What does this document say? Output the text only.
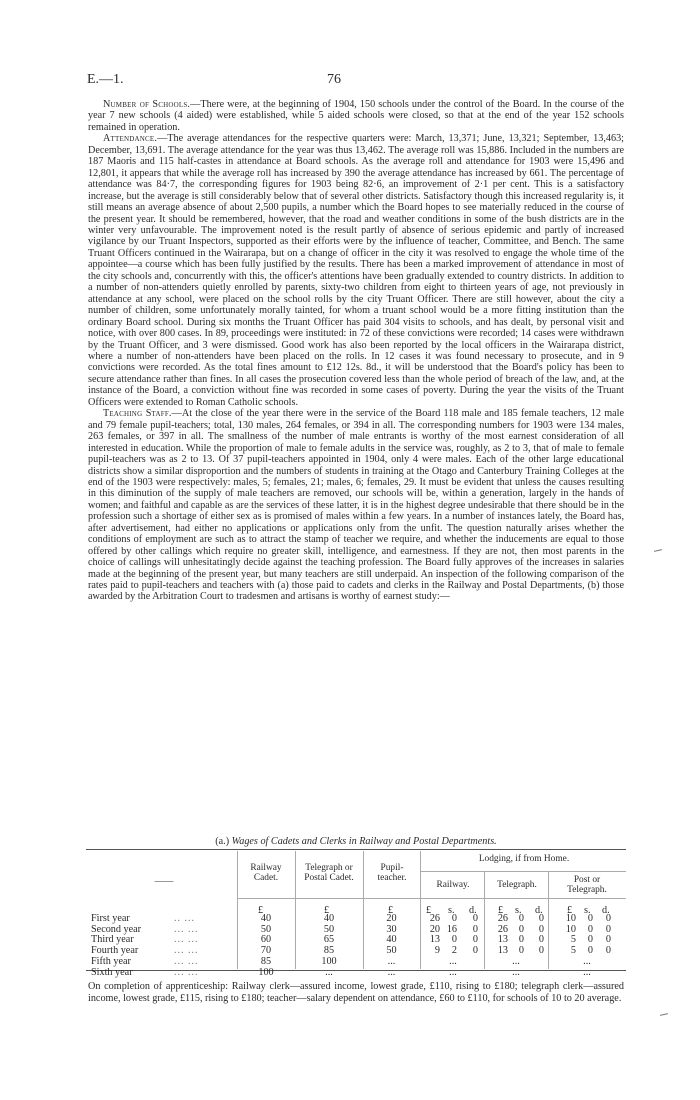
E.—1.	76

Number of Schools.—There were, at the beginning of 1904, 150 schools under the control of the Board. In the course of the year 7 new schools (4 aided) were established, while 5 aided schools were closed, so that at the end of the year 152 schools remained in operation.

Attendance.—The average attendances for the respective quarters were: March, 13,371; June, 13,321; September, 13,463; December, 13,691. The average attendance for the year was thus 13,462. The average roll was 15,886. Included in the numbers are 187 Maoris and 115 half-castes in attendance at Board schools. As the average roll and attendance for 1903 were 15,496 and 12,801, it appears that while the average roll has increased by 390 the average attendance has increased by 661. The percentage of attendance was 84·7, the corresponding figures for 1903 being 82·6, an improvement of 2·1 per cent. This is a satisfactory increase, but the average is still considerably below that of several other districts. Satisfactory though this increased regularity is, it still means an average absence of about 2,500 pupils, a number which the Board hopes to see materially reduced in the course of the present year. It should be remembered, however, that the road and weather conditions in some of the bush districts are in the winter very unfavourable. The improvement noted is the result partly of absence of serious epidemic and partly of increased vigilance by our Truant Inspectors, supported as their efforts were by the influence of teacher, Committee, and Bench. The same Truant Officers continued in the Wairarapa, but on a change of officer in the city it was resolved to engage the whole time of the appointee—a course which has been fully justified by the results. There has been a marked improvement of attendance in most of the city schools and, concurrently with this, the officer's attentions have been gradually extended to country districts. In addition to a number of non-attenders quietly enrolled by parents, sixty-two children from eight to thirteen years of age, not previously in attendance at any school, were placed on the school rolls by the city Truant Officer. There are still however, about the city a number of children, some unfortunately morally tainted, for whom a truant school would be a more fitting institution than the ordinary Board school. During six months the Truant Officer has paid 304 visits to schools, and has dealt, by personal visit and notice, with over 800 cases. In 89, proceedings were instituted: in 72 of these convictions were recorded; 14 cases were withdrawn by the Truant Officer, and 3 were dismissed. Good work has also been reported by the local officers in the Wairarapa district, where a number of non-attenders have been placed on the rolls. In 12 cases it was found necessary to prosecute, and in 9 convictions were recorded. As the total fines amount to £12 12s. 8d., it will be understood that the Board's policy has been to secure attendance rather than fines. In all cases the prosecution covered less than the whole period of breach of the law, and, at the instance of the Board, a conviction without fine was recorded in some cases of poverty. During the year the visits of the Truant Officers were extended to Roman Catholic schools.

Teaching Staff.—At the close of the year there were in the service of the Board 118 male and 185 female teachers, 12 male and 79 female pupil-teachers; total, 130 males, 264 females, or 394 in all. The corresponding numbers for 1903 were 134 males, 263 females, or 397 in all. The smallness of the number of male entrants is worthy of the most earnest consideration of all interested in education. While the proportion of male to female adults in the service was, roughly, as 2 to 3, that of male to female pupil-teachers was as 2 to 13. Of 37 pupil-teachers appointed in 1904, only 4 were males. Each of the other large educational districts show a similar disproportion and the numbers of students in training at the Otago and Canterbury Training Colleges at the end of the 1903 were respectively: males, 5; females, 21; males, 6; females, 29. It must be evident that unless the causes resulting in this diminution of the supply of male teachers are removed, our schools will be, within a generation, largely in the hands of women; and faithful and capable as are the services of these latter, it is in the highest degree undesirable that there should be in the profession such a shortage of either sex as is promised of males within a few years. In a number of instances lately, the Board has, after advertisement, had either no applications or applications only from the unfit. The question naturally arises whether the conditions of employment are such as to attract the stamp of teacher we require, and whether the inducements are equal to those offered by other callings which require no greater skill, intelligence, and earnestness. If they are not, then most parents in the choice of callings will unhesitatingly decide against the teaching profession. The Board fully approves of the increases in salaries made at the beginning of the present year, but many teachers are still underpaid. An inspection of the following comparison of the rates paid to pupil-teachers and teachers with (a) those paid to cadets and clerks in the Railway and Postal Departments, (b) those awarded by the Arbitration Court to tradesmen and artisans is worthy of earnest study:—

(a.) Wages of Cadets and Clerks in Railway and Postal Departments.
——
Railway Cadet.
Telegraph or Postal Cadet.
Pupil-teacher.
Lodging, if from Home.
Railway.	Telegraph.	Post or Telegraph.
£	£	£	£ s. d. £ s. d. £ s. d.
First year	.. ...	40	40	20	26	0	0	26	0	0	10	0	0
Second year	... ...	50	50	30	20 16	0	26	0	0	10	0	0
Third year	... ...	60	65	40	13	0	0	13	0	0	5	0	0
Fourth year	... ...	70	85	50	9	2	0	13	0	0	5	0	0
Fifth year	... ...	85	100	...	...	...	...
Sixth year	... ...	100	...	...	...	...	...

On completion of apprenticeship: Railway clerk—assured income, lowest grade, £110, rising to £180; telegraph clerk—assured income, lowest grade, £115, rising to £180; teacher—salary dependent on attendance, £60 to £110, for schools of 10 to 20 average.
